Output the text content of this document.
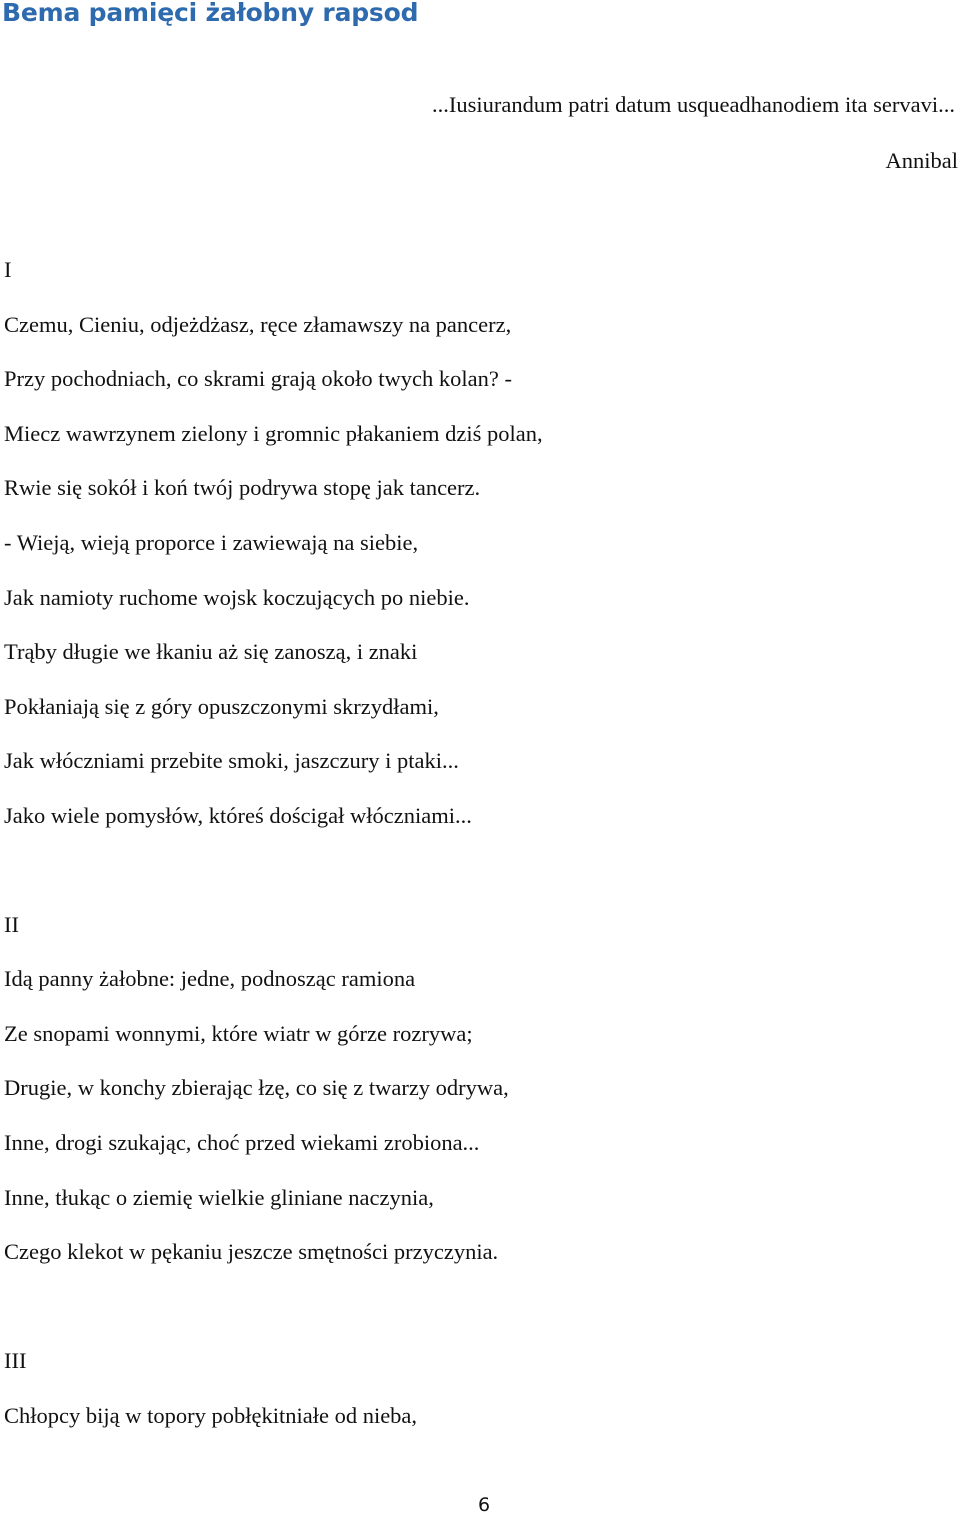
Bema pamięci żałobny rapsod

...Iusiurandum patri datum usqueadhanodiem ita servavi...

Annibal

I

Czemu, Cieniu, odjeżdżasz, ręce złamawszy na pancerz,

Przy pochodniach, co skrami grają około twych kolan? -

Miecz wawrzynem zielony i gromnic płakaniem dziś polan,

Rwie się sokół i koń twój podrywa stopę jak tancerz.

- Wieją, wieją proporce i zawiewają na siebie,

Jak namioty ruchome wojsk koczujących po niebie.

Trąby długie we łkaniu aż się zanoszą, i znaki

Pokłaniają się z góry opuszczonymi skrzydłami,

Jak włóczniami przebite smoki, jaszczury i ptaki...

Jako wiele pomysłów, któreś dościgał włóczniami...

II

Idą panny żałobne: jedne, podnosząc ramiona

Ze snopami wonnymi, które wiatr w górze rozrywa;

Drugie, w konchy zbierając łzę, co się z twarzy odrywa,

Inne, drogi szukając, choć przed wiekami zrobiona...

Inne, tłukąc o ziemię wielkie gliniane naczynia,

Czego klekot w pękaniu jeszcze smętności przyczynia.

III

Chłopcy biją w topory pobłękitniałe od nieba,

6
